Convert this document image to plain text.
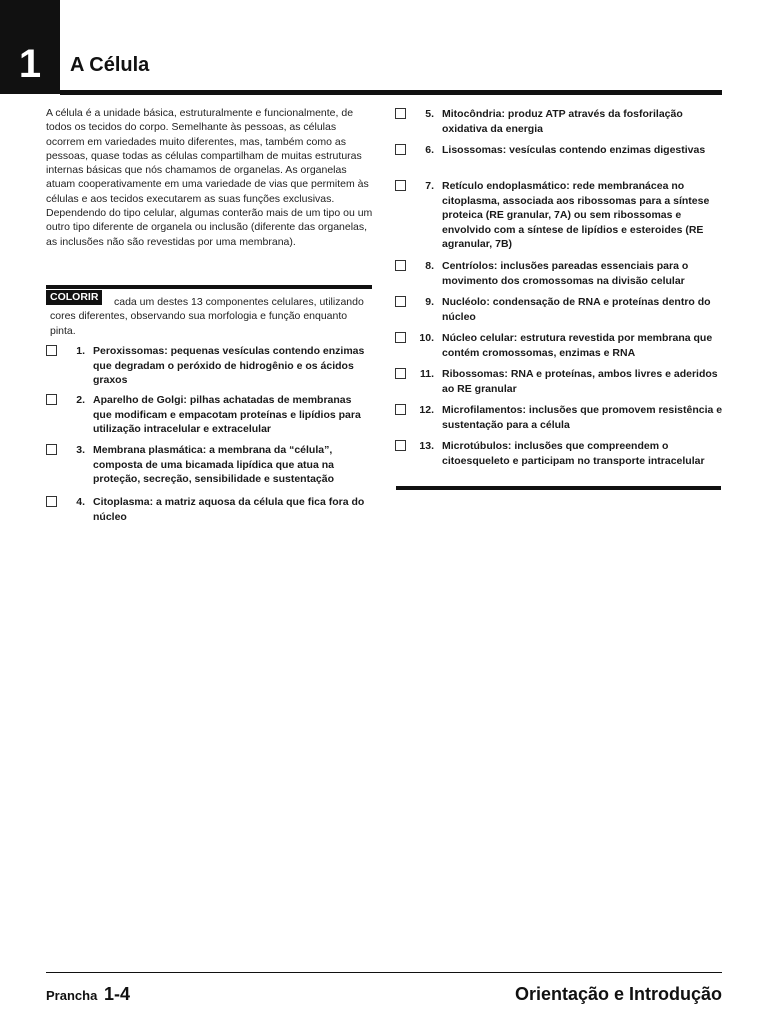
1	A Célula
A célula é a unidade básica, estruturalmente e funcionalmente, de todos os tecidos do corpo. Semelhante às pessoas, as células ocorrem em variedades muito diferentes, mas, também como as pessoas, quase todas as células compartilham de muitas estruturas internas básicas que nós chamamos de organelas. As organelas atuam cooperativamente em uma variedade de vias que permitem às células e aos tecidos executarem as suas funções exclusivas. Dependendo do tipo celular, algumas conterão mais de um tipo ou um outro tipo diferente de organela ou inclusão (diferente das organelas, as inclusões não são revestidas por uma membrana).
cada um destes 13 componentes celulares, utilizando cores diferentes, observando sua morfologia e função enquanto pinta.
COLORIR
1. Peroxissomas: pequenas vesículas contendo enzimas que degradam o peróxido de hidrogênio e os ácidos graxos
2. Aparelho de Golgi: pilhas achatadas de membranas que modificam e empacotam proteínas e lipídios para utilização intracelular e extracelular
3. Membrana plasmática: a membrana da “célula”, composta de uma bicamada lipídica que atua na proteção, secreção, sensibilidade e sustentação
4. Citoplasma: a matriz aquosa da célula que fica fora do núcleo
5. Mitocôndria: produz ATP através da fosforilação oxidativa da energia
6. Lisossomas: vesículas contendo enzimas digestivas
7. Retículo endoplasmático: rede membranácea no citoplasma, associada aos ribossomas para a síntese proteica (RE granular, 7A) ou sem ribossomas e envolvido com a síntese de lipídios e esteroides (RE agranular, 7B)
8. Centríolos: inclusões pareadas essenciais para o movimento dos cromossomas na divisão celular
9. Nucléolo: condensação de RNA e proteínas dentro do núcleo
10. Núcleo celular: estrutura revestida por membrana que contém cromossomas, enzimas e RNA
11. Ribossomas: RNA e proteínas, ambos livres e aderidos ao RE granular
12. Microfilamentos: inclusões que promovem resistência e sustentação para a célula
13. Microtúbulos: inclusões que compreendem o citoesqueleto e participam no transporte intracelular
Prancha 1-4	Orientação e Introdução
